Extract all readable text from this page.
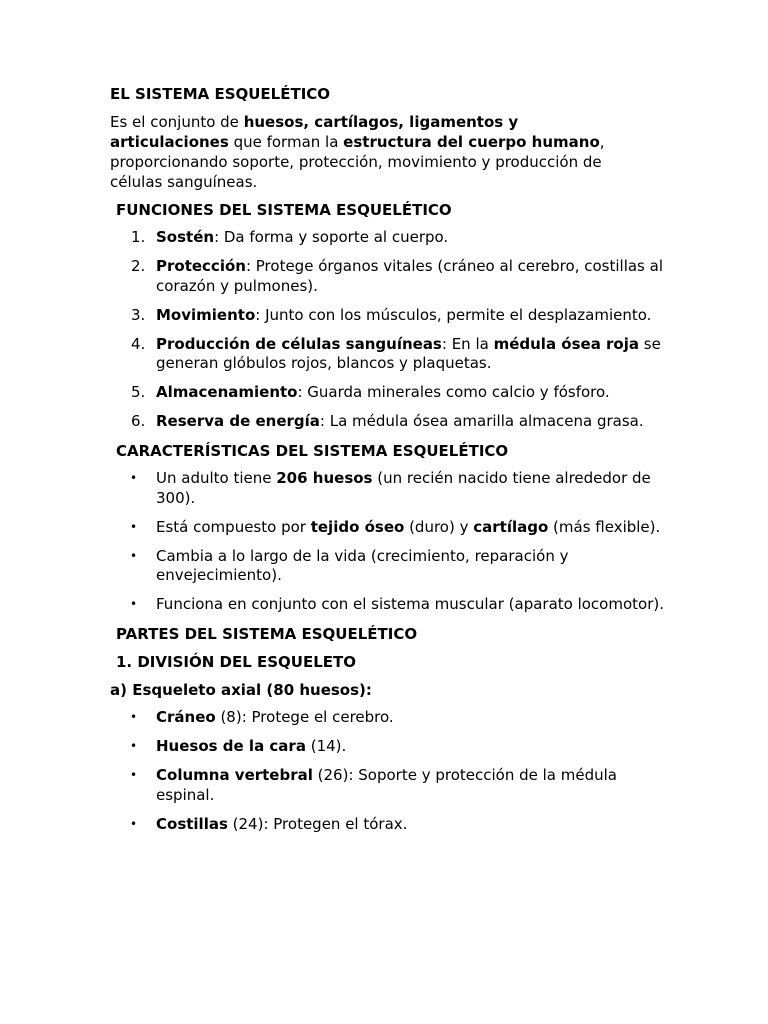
EL SISTEMA ESQUELÉTICO

Es el conjunto de huesos, cartílagos, ligamentos y articulaciones que forman la estructura del cuerpo humano, proporcionando soporte, protección, movimiento y producción de células sanguíneas.

FUNCIONES DEL SISTEMA ESQUELÉTICO
1. Sostén: Da forma y soporte al cuerpo.
2. Protección: Protege órganos vitales (cráneo al cerebro, costillas al corazón y pulmones).
3. Movimiento: Junto con los músculos, permite el desplazamiento.
4. Producción de células sanguíneas: En la médula ósea roja se generan glóbulos rojos, blancos y plaquetas.
5. Almacenamiento: Guarda minerales como calcio y fósforo.
6. Reserva de energía: La médula ósea amarilla almacena grasa.
CARACTERÍSTICAS DEL SISTEMA ESQUELÉTICO
• Un adulto tiene 206 huesos (un recién nacido tiene alrededor de 300).
• Está compuesto por tejido óseo (duro) y cartílago (más flexible).
• Cambia a lo largo de la vida (crecimiento, reparación y envejecimiento).
• Funciona en conjunto con el sistema muscular (aparato locomotor).
PARTES DEL SISTEMA ESQUELÉTICO
1. DIVISIÓN DEL ESQUELETO
a) Esqueleto axial (80 huesos):
• Cráneo (8): Protege el cerebro.
• Huesos de la cara (14).
• Columna vertebral (26): Soporte y protección de la médula espinal.
• Costillas (24): Protegen el tórax.
